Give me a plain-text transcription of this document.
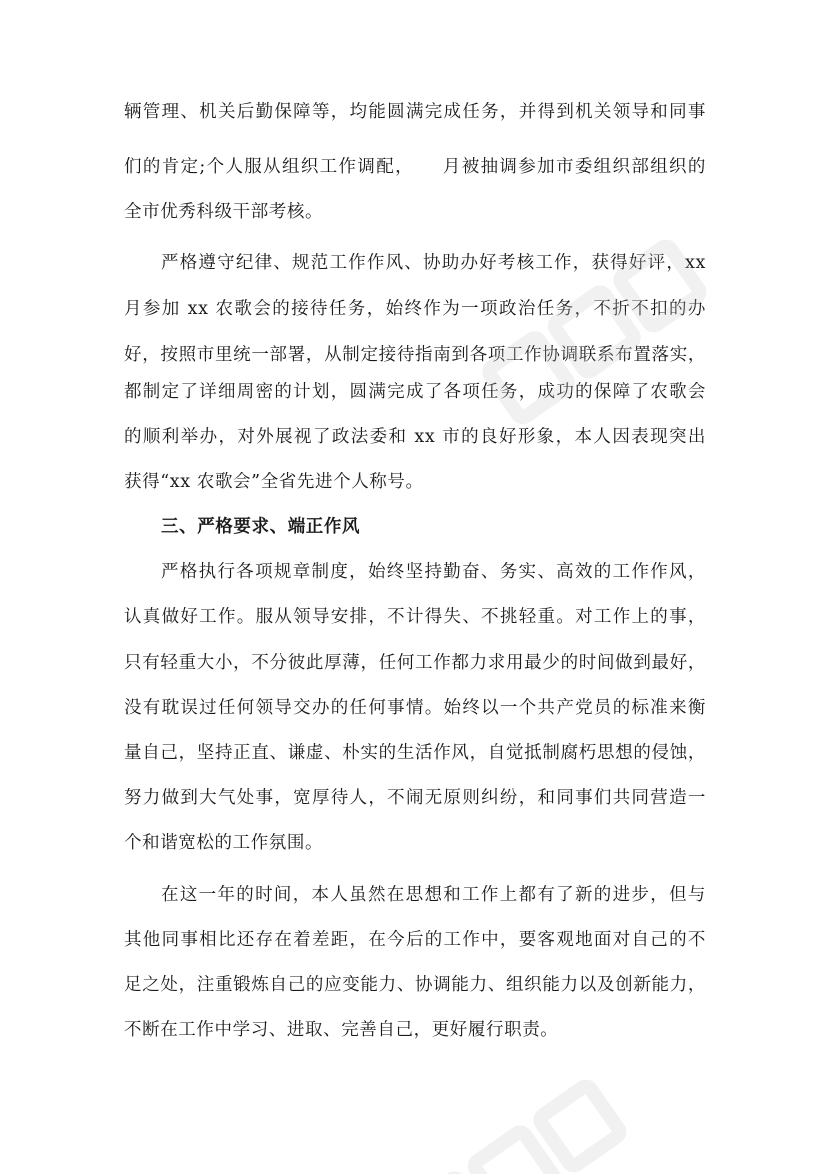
辆管理、机关后勤保障等，均能圆满完成任务，并得到机关领导和同事
们的肯定;个人服从组织工作调配，　　月被抽调参加市委组织部组织的
全市优秀科级干部考核。
严格遵守纪律、规范工作作风、协助办好考核工作，获得好评，xx
月参加 xx 农歌会的接待任务，始终作为一项政治任务，不折不扣的办
好，按照市里统一部署，从制定接待指南到各项工作协调联系布置落实，
都制定了详细周密的计划，圆满完成了各项任务，成功的保障了农歌会
的顺利举办，对外展视了政法委和 xx 市的良好形象，本人因表现突出
获得“xx 农歌会”全省先进个人称号。
三、严格要求、端正作风
严格执行各项规章制度，始终坚持勤奋、务实、高效的工作作风，
认真做好工作。服从领导安排，不计得失、不挑轻重。对工作上的事，
只有轻重大小，不分彼此厚薄，任何工作都力求用最少的时间做到最好，
没有耽误过任何领导交办的任何事情。始终以一个共产党员的标准来衡
量自己，坚持正直、谦虚、朴实的生活作风，自觉抵制腐朽思想的侵蚀，
努力做到大气处事，宽厚待人，不闹无原则纠纷，和同事们共同营造一
个和谐宽松的工作氛围。
在这一年的时间，本人虽然在思想和工作上都有了新的进步，但与
其他同事相比还存在着差距，在今后的工作中，要客观地面对自己的不
足之处，注重锻炼自己的应变能力、协调能力、组织能力以及创新能力，
不断在工作中学习、进取、完善自己，更好履行职责。
